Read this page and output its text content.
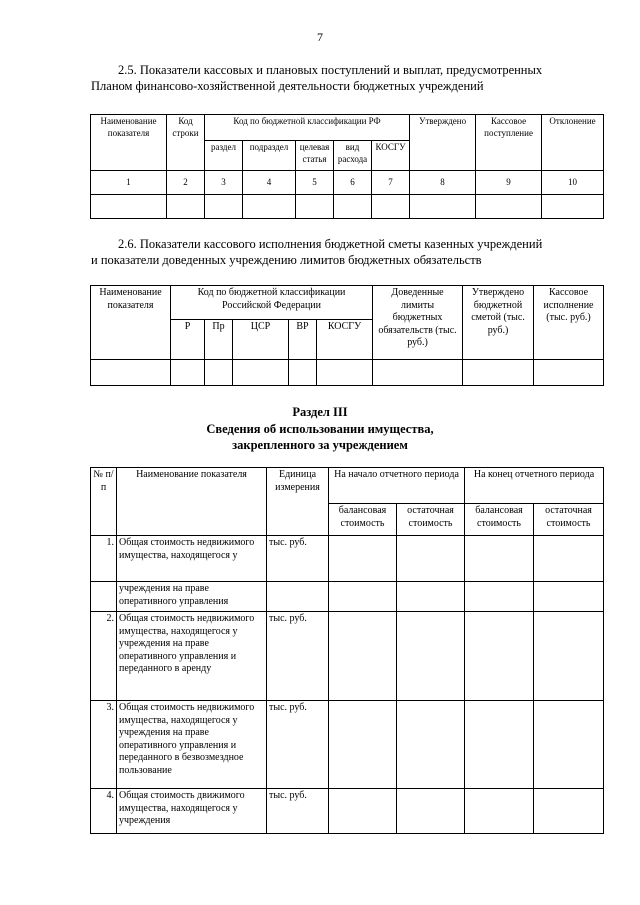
7
2.5. Показатели кассовых и плановых поступлений и выплат, предусмотренных
Планом финансово-хозяйственной деятельности бюджетных учреждений
Наименование показателя	Код строки	Код по бюджетной классификации РФ					Утверждено	Кассовое поступление	Отклонение
		раздел	подраздел	целевая статья	вид расхода	КОСГУ			
1	2	3	4	5	6	7	8	9	10

2.6. Показатели кассового исполнения бюджетной сметы казенных учреждений
и показатели доведенных учреждению лимитов бюджетных обязательств
Наименование показателя	Код по бюджетной классификации Российской Федерации					Доведенные лимиты бюджетных обязательств (тыс. руб.)	Утверждено бюджетной сметой (тыс. руб.)	Кассовое исполнение (тыс. руб.)
	Р	Пр	ЦСР	ВР	КОСГУ			

Раздел III
Сведения об использовании имущества,
закрепленного за учреждением
№ п/п	Наименование показателя	Единица измерения	На начало отчетного периода		На конец отчетного периода	
			балансовая стоимость	остаточная стоимость	балансовая стоимость	остаточная стоимость
1.	Общая стоимость недвижимого имущества, находящегося у	тыс. руб.				
	учреждения на праве оперативного управления					
2.	Общая стоимость недвижимого имущества, находящегося у учреждения на праве оперативного управления и переданного в аренду	тыс. руб.				
3.	Общая стоимость недвижимого имущества, находящегося у учреждения на праве оперативного управления и переданного в безвозмездное пользование	тыс. руб.				
4.	Общая стоимость движимого имущества, находящегося у учреждения	тыс. руб.				
